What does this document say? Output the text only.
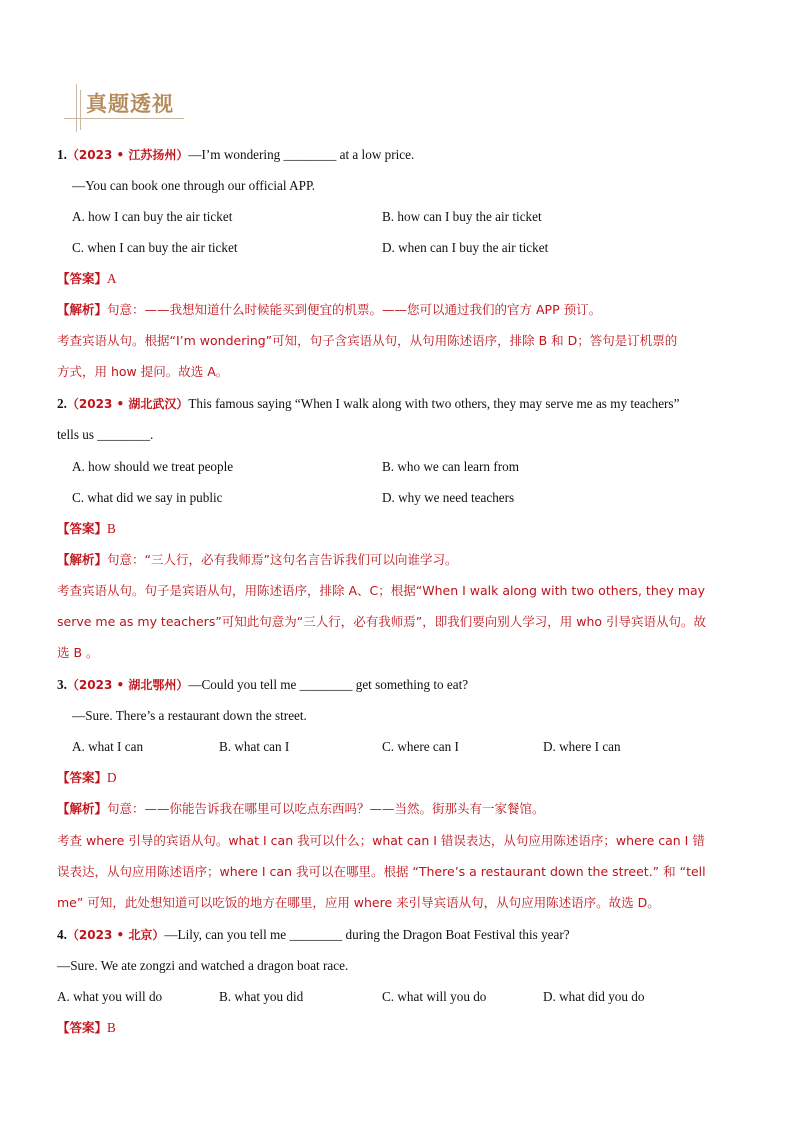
真题透视
1.（2023 • 江苏扬州）—I’m wondering ________ at a low price.
—You can book one through our official APP.
A. how I can buy the air ticket	B. how can I buy the air ticket
C. when I can buy the air ticket	D. when can I buy the air ticket
【答案】A
【解析】句意：——我想知道什么时候能买到便宜的机票。——您可以通过我们的官方 APP 预订。
考查宾语从句。根据“I’m wondering”可知，句子含宾语从句，从句用陈述语序，排除 B 和 D；答句是订机票的
方式，用 how 提问。故选 A。
2.（2023 • 湖北武汉）This famous saying “When I walk along with two others, they may serve me as my teachers”
tells us ________.
A. how should we treat people	B. who we can learn from
C. what did we say in public	D. why we need teachers
【答案】B
【解析】句意：“三人行，必有我师焉”这句名言告诉我们可以向谁学习。
考查宾语从句。句子是宾语从句，用陈述语序，排除 A、C；根据“When I walk along with two others, they may
serve me as my teachers”可知此句意为“三人行，必有我师焉”，即我们要向别人学习，用 who 引导宾语从句。故
选 B 。
3.（2023 • 湖北鄂州）—Could you tell me ________ get something to eat?
—Sure. There’s a restaurant down the street.
A. what I can	B. what can I	C. where can I	D. where I can
【答案】D
【解析】句意：——你能告诉我在哪里可以吃点东西吗？——当然。街那头有一家餐馆。
考查 where 引导的宾语从句。what I can 我可以什么；what can I 错误表达，从句应用陈述语序；where can I 错
误表达，从句应用陈述语序；where I can 我可以在哪里。根据 “There’s a restaurant down the street.” 和 “tell
me” 可知，此处想知道可以吃饭的地方在哪里，应用 where 来引导宾语从句，从句应用陈述语序。故选 D。
4.（2023 • 北京）—Lily, can you tell me ________ during the Dragon Boat Festival this year?
—Sure. We ate zongzi and watched a dragon boat race.
A. what you will do	B. what you did	C. what will you do	D. what did you do
【答案】B
